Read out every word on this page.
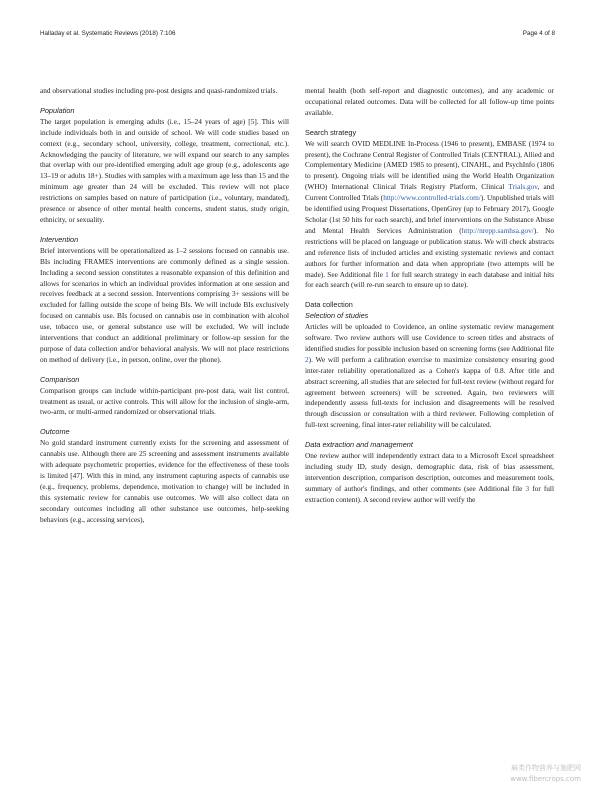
Halladay et al. Systematic Reviews (2018) 7:106	Page 4 of 8

and observational studies including pre-post designs and quasi-randomized trials.

Population

The target population is emerging adults (i.e., 15–24 years of age) [5]. This will include individuals both in and outside of school. We will code studies based on context (e.g., secondary school, university, college, treatment, correctional, etc.). Acknowledging the paucity of literature, we will expand our search to any samples that overlap with our pre-identified emerging adult age group (e.g., adolescents age 13–19 or adults 18+). Studies with samples with a maximum age less than 15 and the minimum age greater than 24 will be excluded. This review will not place restrictions on samples based on nature of participation (i.e., voluntary, mandated), presence or absence of other mental health concerns, student status, study origin, ethnicity, or sexuality.

Intervention

Brief interventions will be operationalized as 1–2 sessions focused on cannabis use. BIs including FRAMES interventions are commonly defined as a single session. Including a second session constitutes a reasonable expansion of this definition and allows for scenarios in which an individual provides information at one session and receives feedback at a second session. Interventions comprising 3+ sessions will be excluded for falling outside the scope of being BIs. We will include BIs exclusively focused on cannabis use. BIs focused on cannabis use in combination with alcohol use, tobacco use, or general substance use will be excluded. We will include interventions that conduct an additional preliminary or follow-up session for the purpose of data collection and/or behavioral analysis. We will not place restrictions on method of delivery (i.e., in person, online, over the phone).

Comparison

Comparison groups can include within-participant pre-post data, wait list control, treatment as usual, or active controls. This will allow for the inclusion of single-arm, two-arm, or multi-armed randomized or observational trials.

Outcome

No gold standard instrument currently exists for the screening and assessment of cannabis use. Although there are 25 screening and assessment instruments available with adequate psychometric properties, evidence for the effectiveness of these tools is limited [47]. With this in mind, any instrument capturing aspects of cannabis use (e.g., frequency, problems, dependence, motivation to change) will be included in this systematic review for cannabis use outcomes. We will also collect data on secondary outcomes including all other substance use outcomes, help-seeking behaviors (e.g., accessing services),

mental health (both self-report and diagnostic outcomes), and any academic or occupational related outcomes. Data will be collected for all follow-up time points available.

Search strategy

We will search OVID MEDLINE In-Process (1946 to present), EMBASE (1974 to present), the Cochrane Central Register of Controlled Trials (CENTRAL), Allied and Complementary Medicine (AMED 1985 to present), CINAHL, and PsychInfo (1806 to present). Ongoing trials will be identified using the World Health Organization (WHO) International Clinical Trials Registry Platform, Clinical Trials.gov, and Current Controlled Trials (http://www.controlled-trials.com/). Unpublished trials will be identified using Proquest Dissertations, OpenGrey (up to February 2017), Google Scholar (1st 50 hits for each search), and brief interventions on the Substance Abuse and Mental Health Services Administration (http://nrepp.samhsa.gov/). No restrictions will be placed on language or publication status. We will check abstracts and reference lists of included articles and existing systematic reviews and contact authors for further information and data when appropriate (two attempts will be made). See Additional file 1 for full search strategy in each database and initial hits for each search (will re-run search to ensure up to date).

Data collection
Selection of studies

Articles will be uploaded to Covidence, an online systematic review management software. Two review authors will use Covidence to screen titles and abstracts of identified studies for possible inclusion based on screening forms (see Additional file 2). We will perform a calibration exercise to maximize consistency ensuring good inter-rater reliability operationalized as a Cohen's kappa of 0.8. After title and abstract screening, all studies that are selected for full-text review (without regard for agreement between screeners) will be screened. Again, two reviewers will independently assess full-texts for inclusion and disagreements will be resolved through discussion or consultation with a third reviewer. Following completion of full-text screening, final inter-rater reliability will be calculated.

Data extraction and management

One review author will independently extract data to a Microsoft Excel spreadsheet including study ID, study design, demographic data, risk of bias assessment, intervention description, comparison description, outcomes and measurement tools, summary of author's findings, and other comments (see Additional file 3 for full extraction content). A second review author will verify the

麻类作物营养与施肥网
www.fibercrops.com
